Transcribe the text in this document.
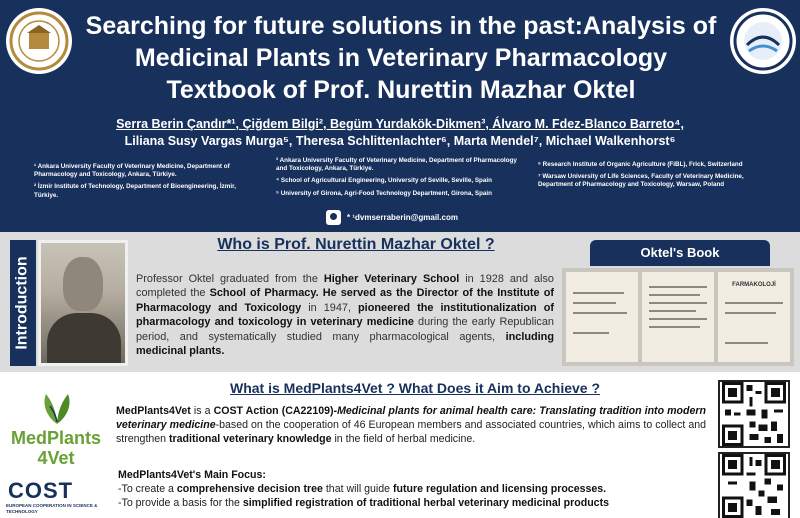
Searching for future solutions in the past:Analysis of Medicinal Plants in Veterinary Pharmacology Textbook of Prof. Nurettin Mazhar Oktel
Serra Berin Çandır*¹, Çiğdem Bilgi², Begüm Yurdakök-Dikmen³, Álvaro M. Fdez-Blanco Barreto⁴,
Liliana Susy Vargas Murga⁵, Theresa Schlittenlachter⁶, Marta Mendel⁷, Michael Walkenhorst⁶

¹ Ankara University Faculty of Veterinary Medicine, Department of Pharmacology and Toxicology, Ankara, Türkiye.

² İzmir Institute of Technology, Department of Bioengineering, İzmir, Türkiye.

³ Ankara University Faculty of Veterinary Medicine, Department of Pharmacology and Toxicology, Ankara, Türkiye.

⁴ School of Agricultural Engineering, University of Seville, Seville, Spain

⁵ University of Girona, Agri-Food Technology Department, Girona, Spain

⁶ Research Institute of Organic Agriculture (FiBL), Frick, Switzerland

⁷ Warsaw University of Life Sciences, Faculty of Veterinary Medicine, Department of Pharmacology and Toxicology, Warsaw, Poland

* ¹dvmserraberin@gmail.com
Introduction
Who is Prof. Nurettin Mazhar Oktel ?
Professor Oktel graduated from the Higher Veterinary School in 1928 and also completed the School of Pharmacy. He served as the Director of the Institute of Pharmacology and Toxicology in 1947, pioneered the institutionalization of pharmacology and toxicology in veterinary medicine during the early Republican period, and systematically studied many pharmacological agents, including medicinal plants.
Oktel's Book
FARMAKOLOJİ
MedPlants
4Vet
COST
EUROPEAN COOPERATION IN SCIENCE & TECHNOLOGY
What is MedPlants4Vet ? What Does it Aim to Achieve ?
MedPlants4Vet is a COST Action (CA22109)-Medicinal plants for animal health care: Translating tradition into modern veterinary medicine-based on the cooperation of 46 European members and associated countries, which aims to collect and strengthen traditional veterinary knowledge in the field of herbal medicine.
MedPlants4Vet's Main Focus:
-To create a comprehensive decision tree that will guide future regulation and licensing processes.
-To provide a basis for the simplified registration of traditional herbal veterinary medicinal products
